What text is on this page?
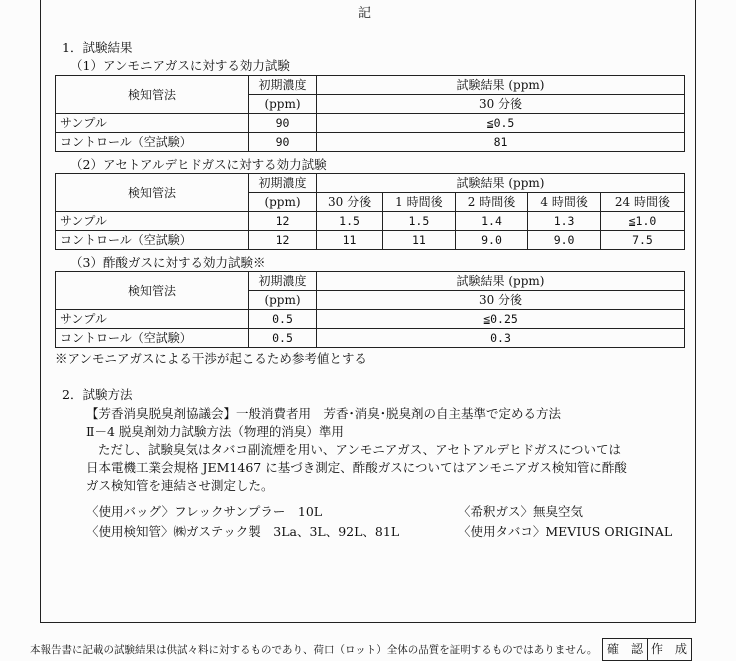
記
1．試験結果
（1）アンモニアガスに対する効力試験
検知管法	初期濃度	試験結果 (ppm)
	(ppm)	30 分後
サンプル	90	≦0.5
コントロール（空試験）	90	81
（2）アセトアルデヒドガスに対する効力試験
検知管法	初期濃度	試験結果 (ppm)				
	(ppm)	30 分後	1 時間後	2 時間後	4 時間後	24 時間後
サンプル	12	1.5	1.5	1.4	1.3	≦1.0
コントロール（空試験）	12	11	11	9.0	9.0	7.5
（3）酢酸ガスに対する効力試験※
検知管法	初期濃度	試験結果 (ppm)
	(ppm)	30 分後
サンプル	0.5	≦0.25
コントロール（空試験）	0.5	0.3
※アンモニアガスによる干渉が起こるため参考値とする
2．試験方法
【芳香消臭脱臭剤協議会】一般消費者用　芳香･消臭･脱臭剤の自主基準で定める方法
Ⅱ－4 脱臭剤効力試験方法（物理的消臭）準用
ただし、試験臭気はタバコ副流煙を用い、アンモニアガス、アセトアルデヒドガスについては
日本電機工業会規格 JEM1467 に基づき測定、酢酸ガスについてはアンモニアガス検知管に酢酸
ガス検知管を連結させ測定した。
〈使用バッグ〉フレックサンプラー　10L
〈使用検知管〉㈱ガステック製　3La、3L、92L、81L
〈希釈ガス〉無臭空気
〈使用タバコ〉MEVIUS ORIGINAL
本報告書に記載の試験結果は供試々料に対するものであり、荷口（ロット）全体の品質を証明するものではありません。 確　認 作　成
